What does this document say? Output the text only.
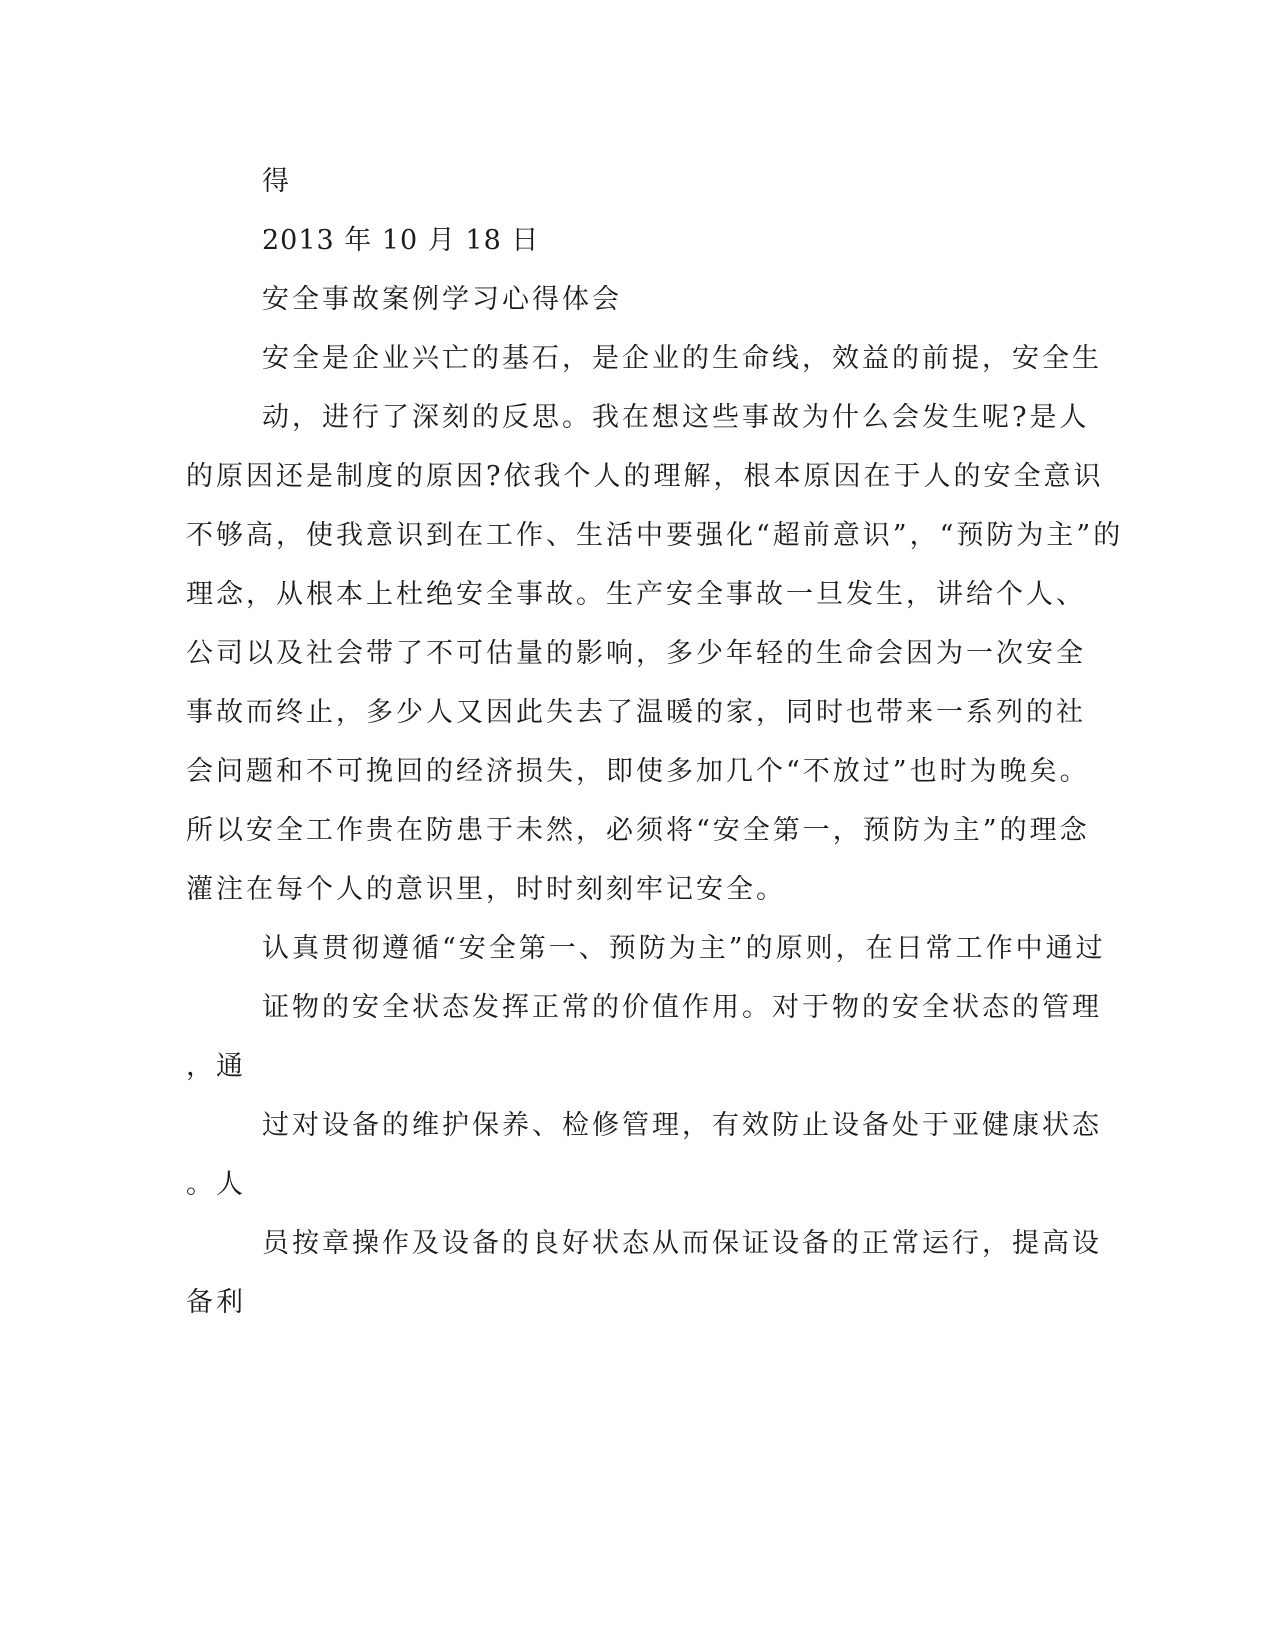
得
2013 年 10 月 18 日
安全事故案例学习心得体会
安全是企业兴亡的基石，是企业的生命线，效益的前提，安全生
动，进行了深刻的反思。我在想这些事故为什么会发生呢?是人
的原因还是制度的原因?依我个人的理解，根本原因在于人的安全意识
不够高，使我意识到在工作、生活中要强化“超前意识”，“预防为主”的
理念，从根本上杜绝安全事故。生产安全事故一旦发生，讲给个人、
公司以及社会带了不可估量的影响，多少年轻的生命会因为一次安全
事故而终止，多少人又因此失去了温暖的家，同时也带来一系列的社
会问题和不可挽回的经济损失，即使多加几个“不放过”也时为晚矣。
所以安全工作贵在防患于未然，必须将“安全第一，预防为主”的理念
灌注在每个人的意识里，时时刻刻牢记安全。
认真贯彻遵循“安全第一、预防为主”的原则，在日常工作中通过
证物的安全状态发挥正常的价值作用。对于物的安全状态的管理
，通
过对设备的维护保养、检修管理，有效防止设备处于亚健康状态
。人
员按章操作及设备的良好状态从而保证设备的正常运行，提高设
备利
